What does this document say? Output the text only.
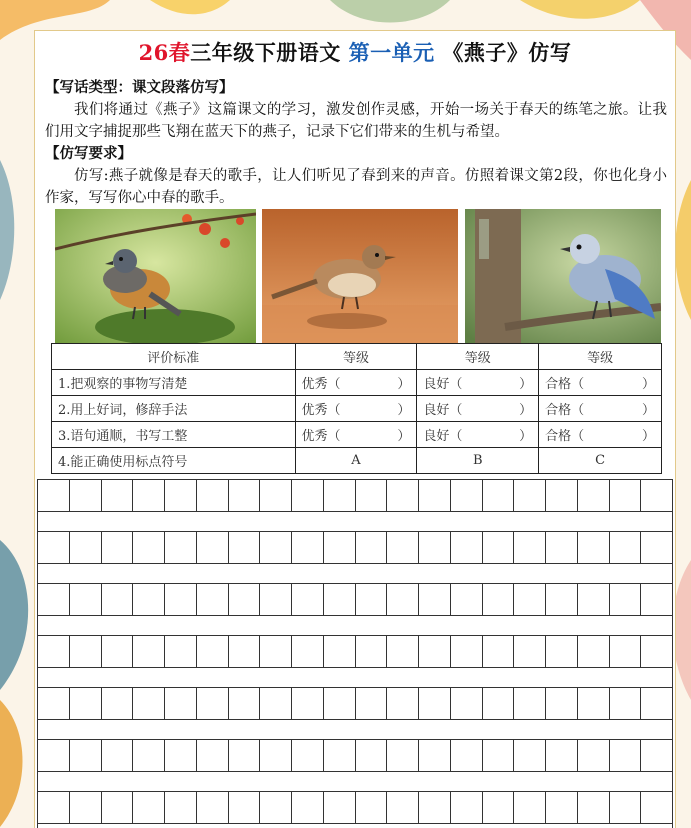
26春三年级下册语文 第一单元 《燕子》仿写
【写话类型：课文段落仿写】
我们将通过《燕子》这篇课文的学习，激发创作灵感，开始一场关于春天的练笔之旅。让我们用文字捕捉那些飞翔在蓝天下的燕子，记录下它们带来的生机与希望。
【仿写要求】
仿写:燕子就像是春天的歌手，让人们听见了春到来的声音。仿照着课文第2段，你也化身小作家，写写你心中春的歌手。
评价标准	等级	等级	等级
1.把观察的事物写清楚	优秀（ ）	良好（ ）	合格（ ）

2.用上好词，修辞手法	优秀（ ）	良好（ ）	合格（ ）

3.语句通顺，书写工整	优秀（ ）	良好（ ）	合格（ ）

4.能正确使用标点符号	A	B	C
